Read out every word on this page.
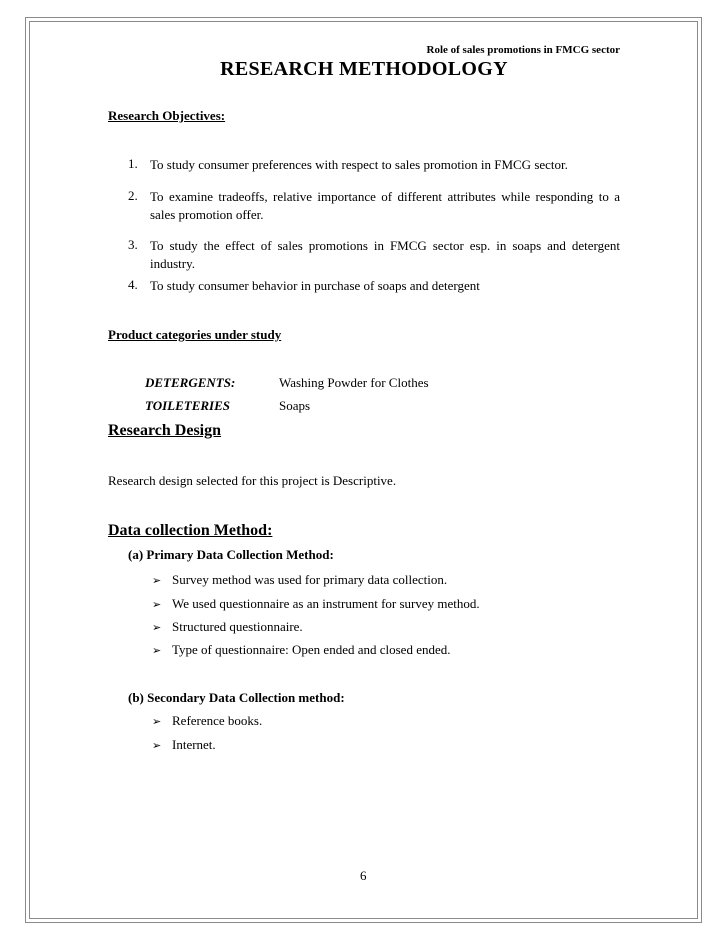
Role of sales promotions in FMCG sector
RESEARCH METHODOLOGY
Research Objectives:
1. To study consumer preferences with respect to sales promotion in FMCG sector.
2. To examine tradeoffs, relative importance of different attributes while responding to a sales promotion offer.
3. To study the effect of sales promotions in FMCG sector esp. in soaps and detergent industry.
4. To study consumer behavior in purchase of soaps and detergent
Product categories under study
DETERGENTS:	Washing Powder for Clothes
TOILETERIES	Soaps
Research Design
Research design selected for this project is Descriptive.
Data collection Method:
(a) Primary Data Collection Method:
➢ Survey method was used for primary data collection.
➢ We used questionnaire as an instrument for survey method.
➢ Structured questionnaire.
➢ Type of questionnaire: Open ended and closed ended.
(b) Secondary Data Collection method:
➢ Reference books.
➢ Internet.
6
